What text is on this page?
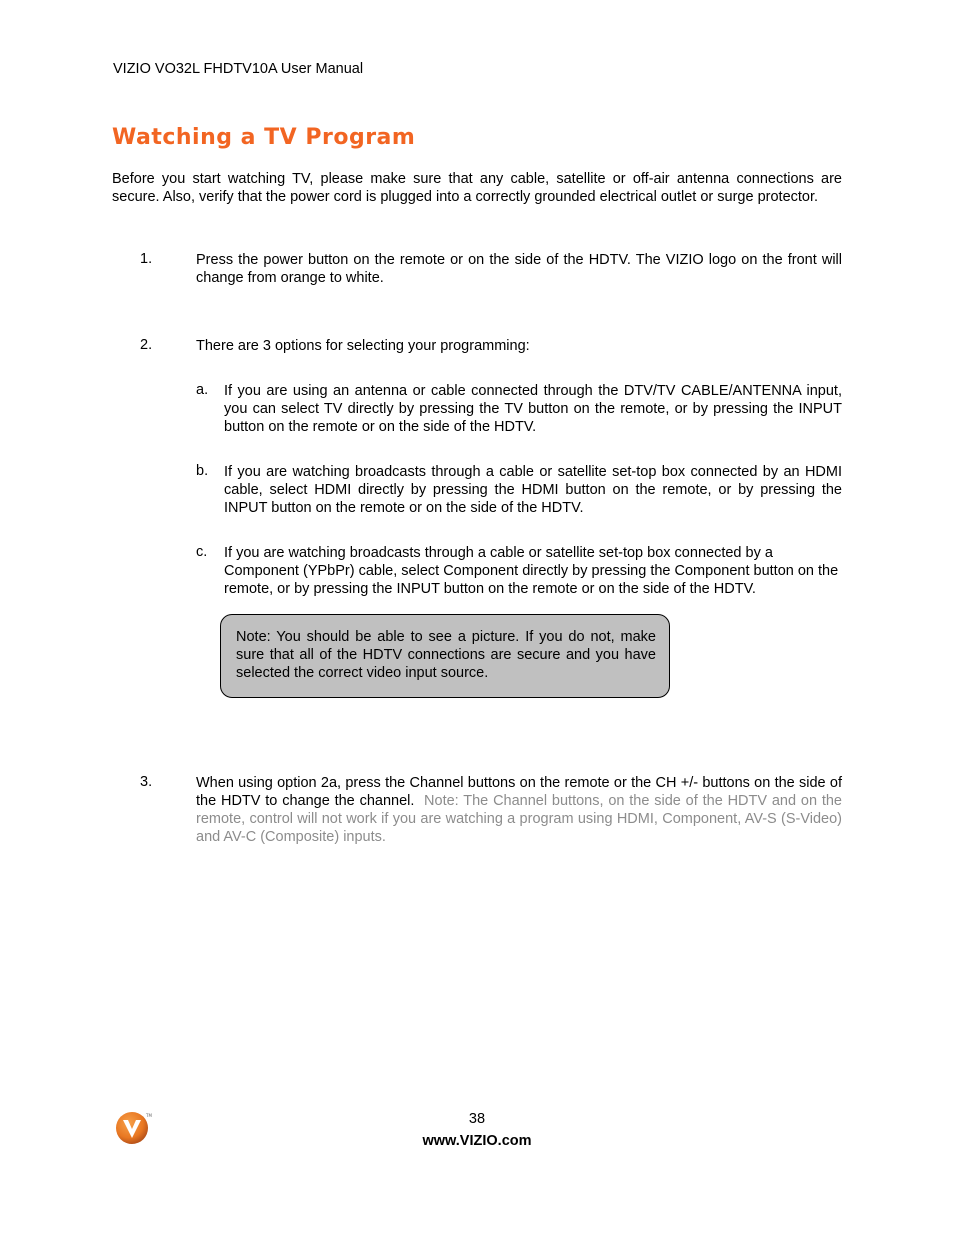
VIZIO VO32L FHDTV10A User Manual
Watching a TV Program
Before you start watching TV, please make sure that any cable, satellite or off-air antenna connections are secure. Also, verify that the power cord is plugged into a correctly grounded electrical outlet or surge protector.
1.	Press the power button on the remote or on the side of the HDTV. The VIZIO logo on the front will change from orange to white.
2.	There are 3 options for selecting your programming:
a. If you are using an antenna or cable connected through the DTV/TV CABLE/ANTENNA input, you can select TV directly by pressing the TV button on the remote, or by pressing the INPUT button on the remote or on the side of the HDTV.
b. If you are watching broadcasts through a cable or satellite set-top box connected by an HDMI cable, select HDMI directly by pressing the HDMI button on the remote, or by pressing the INPUT button on the remote or on the side of the HDTV.
c. If you are watching broadcasts through a cable or satellite set-top box connected by a Component (YPbPr) cable, select Component directly by pressing the Component button on the remote, or by pressing the INPUT button on the remote or on the side of the HDTV.
Note: You should be able to see a picture. If you do not, make sure that all of the HDTV connections are secure and you have selected the correct video input source.
3.	When using option 2a, press the Channel buttons on the remote or the CH +/- buttons on the side of the HDTV to change the channel. Note: The Channel buttons, on the side of the HDTV and on the remote, control will not work if you are watching a program using HDMI, Component, AV-S (S-Video) and AV-C (Composite) inputs.
TM	38
www.VIZIO.com
